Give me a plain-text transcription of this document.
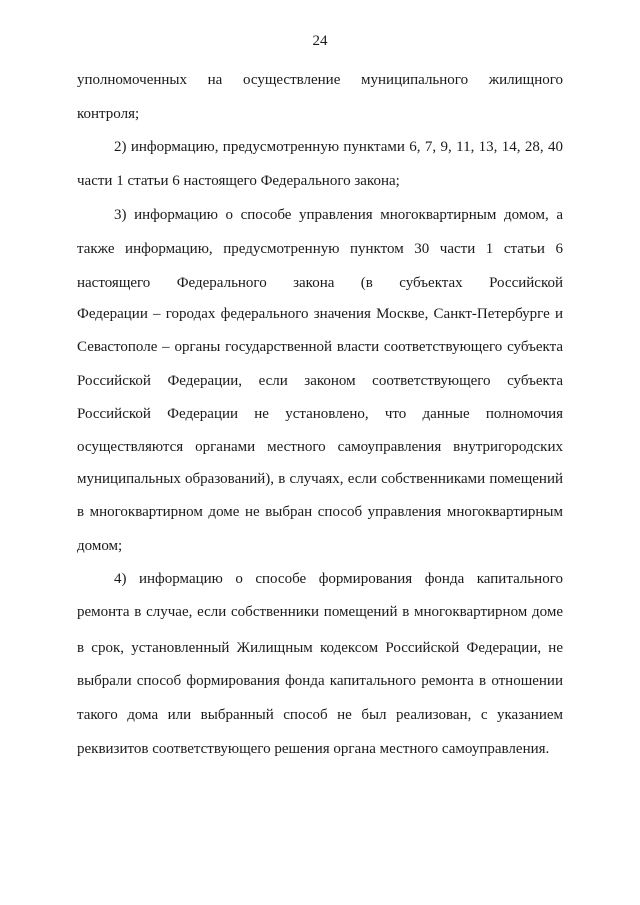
24
уполномоченных на осуществление муниципального жилищного
контроля;
2) информацию, предусмотренную пунктами 6, 7, 9, 11, 13, 14, 28, 40
части 1 статьи 6 настоящего Федерального закона;
3) информацию о способе управления многоквартирным домом, а
также информацию, предусмотренную пунктом 30 части 1 статьи 6
настоящего Федерального закона (в субъектах Российской
Федерации – городах федерального значения Москве, Санкт-Петербурге и
Севастополе – органы государственной власти соответствующего субъекта
Российской Федерации, если законом соответствующего субъекта
Российской Федерации не установлено, что данные полномочия
осуществляются органами местного самоуправления внутригородских
муниципальных образований), в случаях, если собственниками помещений
в многоквартирном доме не выбран способ управления многоквартирным
домом;
4) информацию о способе формирования фонда капитального
ремонта в случае, если собственники помещений в многоквартирном доме
в срок, установленный Жилищным кодексом Российской Федерации, не
выбрали способ формирования фонда капитального ремонта в отношении
такого дома или выбранный способ не был реализован, с указанием
реквизитов соответствующего решения органа местного самоуправления.
